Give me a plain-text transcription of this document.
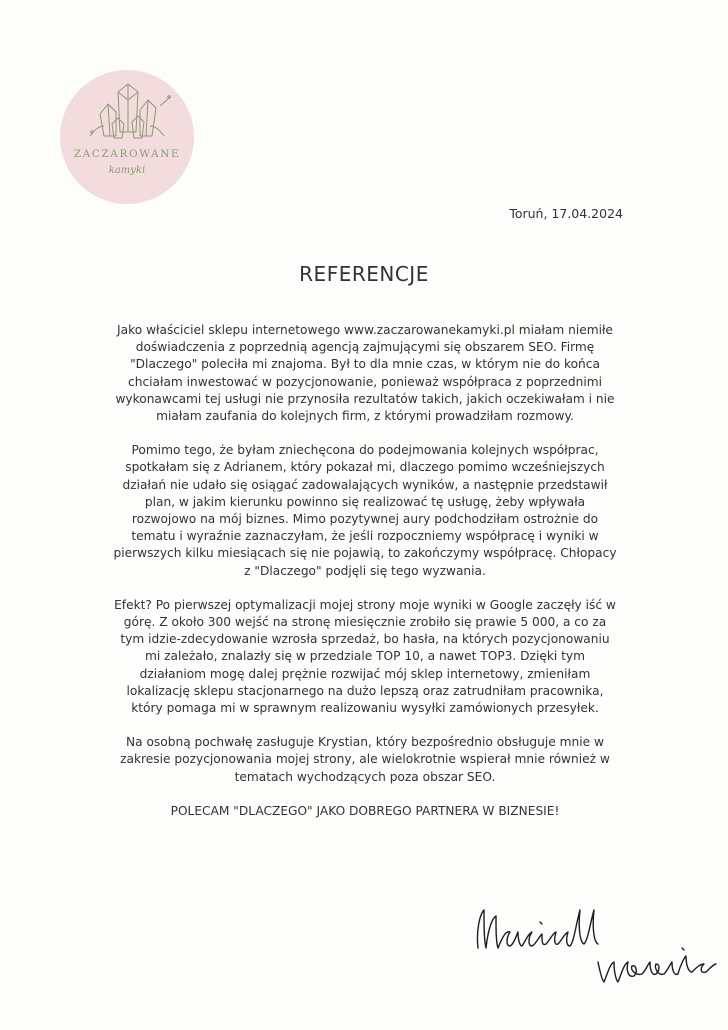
ZACZAROWANE
kamyki
Toruń, 17.04.2024
REFERENCJE

Jako właściciel sklepu internetowego www.zaczarowanekamyki.pl miałam niemiłe doświadczenia z poprzednią agencją zajmującymi się obszarem SEO. Firmę "Dlaczego" poleciła mi znajoma. Był to dla mnie czas, w którym nie do końca chciałam inwestować w pozycjonowanie, ponieważ współpraca z poprzednimi wykonawcami tej usługi nie przynosiła rezultatów takich, jakich oczekiwałam i nie miałam zaufania do kolejnych firm, z którymi prowadziłam rozmowy.

Pomimo tego, że byłam zniechęcona do podejmowania kolejnych współprac, spotkałam się z Adrianem, który pokazał mi, dlaczego pomimo wcześniejszych działań nie udało się osiągać zadowalających wyników, a następnie przedstawił plan, w jakim kierunku powinno się realizować tę usługę, żeby wpływała rozwojowo na mój biznes. Mimo pozytywnej aury podchodziłam ostrożnie do tematu i wyraźnie zaznaczyłam, że jeśli rozpoczniemy współpracę i wyniki w pierwszych kilku miesiącach się nie pojawią, to zakończymy współpracę. Chłopacy z "Dlaczego" podjęli się tego wyzwania.

Efekt? Po pierwszej optymalizacji mojej strony moje wyniki w Google zaczęły iść w górę. Z około 300 wejść na stronę miesięcznie zrobiło się prawie 5 000, a co za tym idzie-zdecydowanie wzrosła sprzedaż, bo hasła, na których pozycjonowaniu mi zależało, znalazły się w przedziale TOP 10, a nawet TOP3. Dzięki tym działaniom mogę dalej prężnie rozwijać mój sklep internetowy, zmieniłam lokalizację sklepu stacjonarnego na dużo lepszą oraz zatrudniłam pracownika, który pomaga mi w sprawnym realizowaniu wysyłki zamówionych przesyłek.

Na osobną pochwałę zasługuje Krystian, który bezpośrednio obsługuje mnie w zakresie pozycjonowania mojej strony, ale wielokrotnie wspierał mnie również w tematach wychodzących poza obszar SEO.

POLECAM "DLACZEGO" JAKO DOBREGO PARTNERA W BIZNESIE!
